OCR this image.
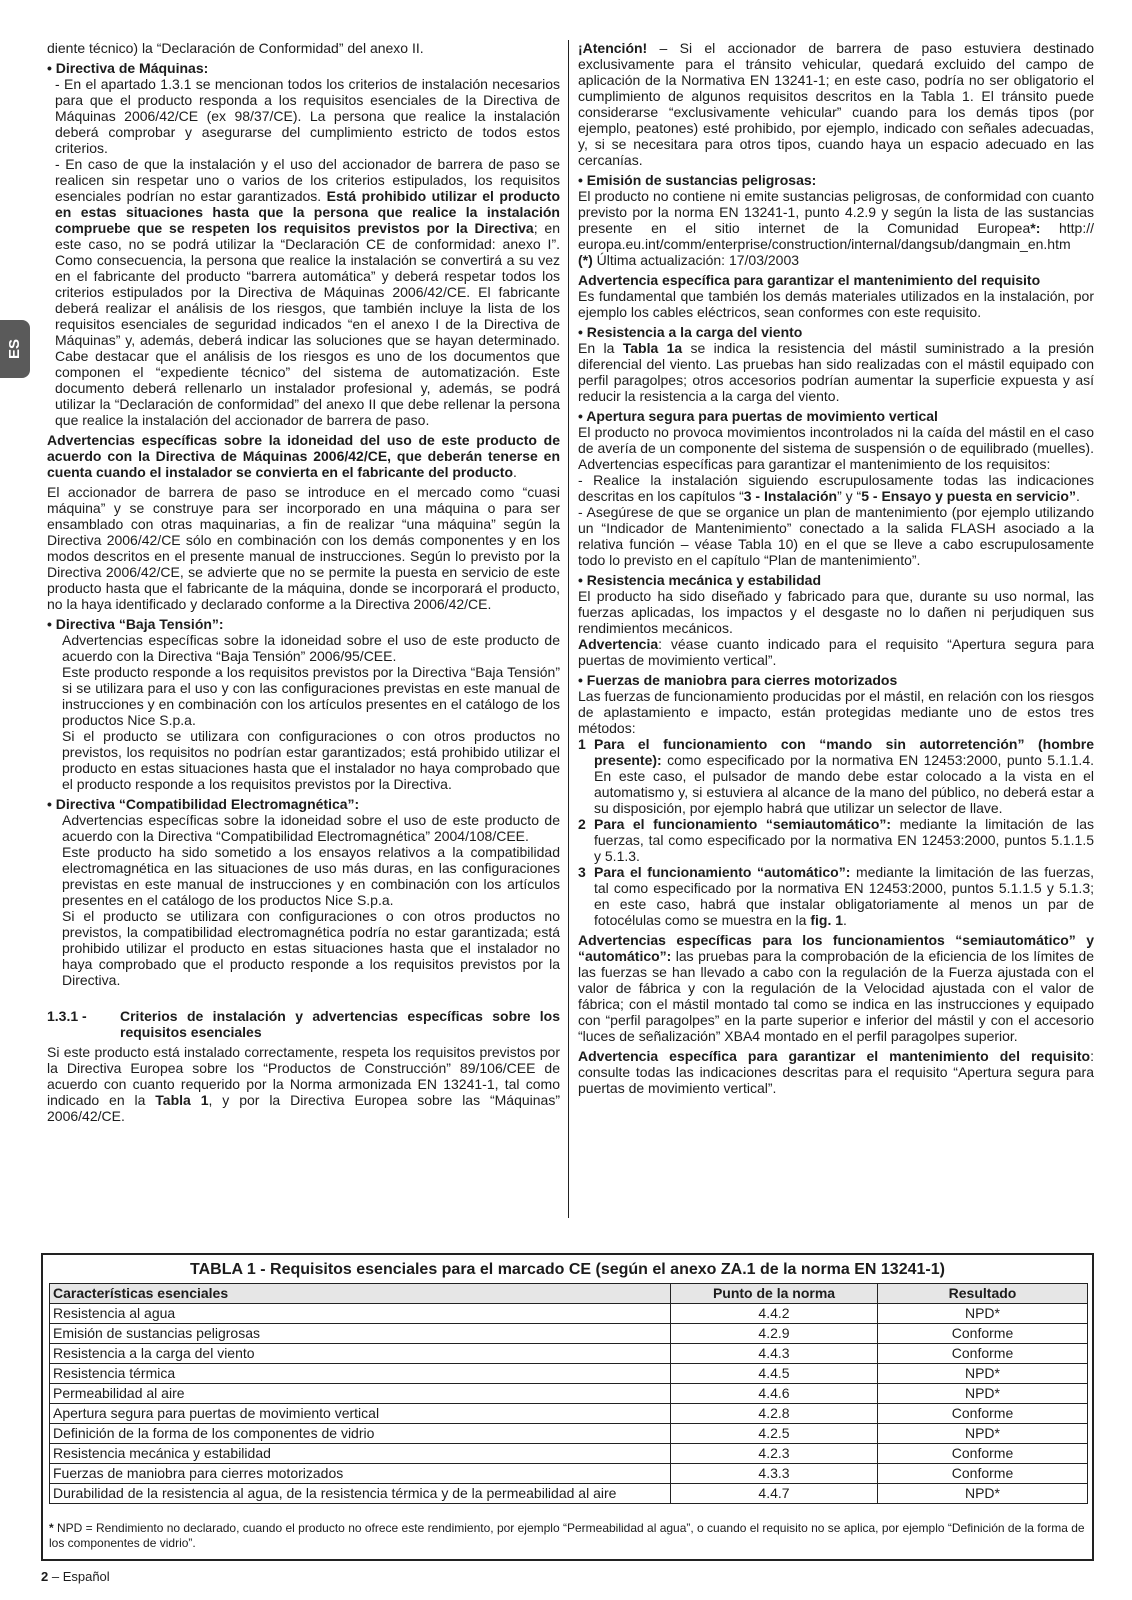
ES

diente técnico) la “Declaración de Conformidad” del anexo II.

• Directiva de Máquinas:

- En el apartado 1.3.1 se mencionan todos los criterios de instalación necesarios para que el producto responda a los requisitos esenciales de la Directiva de Máquinas 2006/42/CE (ex 98/37/CE). La persona que realice la instalación deberá comprobar y asegurarse del cumplimiento estricto de todos estos criterios.

- En caso de que la instalación y el uso del accionador de barrera de paso se realicen sin respetar uno o varios de los criterios estipulados, los requisitos esenciales podrían no estar garantizados. Está prohibido utilizar el producto en estas situaciones hasta que la persona que realice la instalación compruebe que se respeten los requisitos previstos por la Directiva; en este caso, no se podrá utilizar la “Declaración CE de conformidad: anexo I”. Como consecuencia, la persona que realice la instalación se convertirá a su vez en el fabricante del producto “barrera automática” y deberá respetar todos los criterios estipulados por la Directiva de Máquinas 2006/42/CE. El fabricante deberá realizar el análisis de los riesgos, que también incluye la lista de los requisitos esenciales de seguridad indicados “en el anexo I de la Directiva de Máquinas” y, además, deberá indicar las soluciones que se hayan determinado. Cabe destacar que el análisis de los riesgos es uno de los documentos que componen el “expediente técnico” del sistema de automatización. Este documento deberá rellenarlo un instalador profesional y, además, se podrá utilizar la “Declaración de conformidad” del anexo II que debe rellenar la persona que realice la instalación del accionador de barrera de paso.

Advertencias específicas sobre la idoneidad del uso de este producto de acuerdo con la Directiva de Máquinas 2006/42/CE, que deberán tenerse en cuenta cuando el instalador se convierta en el fabricante del producto.

El accionador de barrera de paso se introduce en el mercado como “cuasi máquina” y se construye para ser incorporado en una máquina o para ser ensamblado con otras maquinarias, a fin de realizar “una máquina” según la Directiva 2006/42/CE sólo en combinación con los demás componentes y en los modos descritos en el presente manual de instrucciones. Según lo previsto por la Directiva 2006/42/CE, se advierte que no se permite la puesta en servicio de este producto hasta que el fabricante de la máquina, donde se incorporará el producto, no la haya identificado y declarado conforme a la Directiva 2006/42/CE.

• Directiva “Baja Tensión”:

Advertencias específicas sobre la idoneidad sobre el uso de este producto de acuerdo con la Directiva “Baja Tensión” 2006/95/CEE.

Este producto responde a los requisitos previstos por la Directiva “Baja Tensión” si se utilizara para el uso y con las configuraciones previstas en este manual de instrucciones y en combinación con los artículos presentes en el catálogo de los productos Nice S.p.a.

Si el producto se utilizara con configuraciones o con otros productos no previstos, los requisitos no podrían estar garantizados; está prohibido utilizar el producto en estas situaciones hasta que el instalador no haya comprobado que el producto responde a los requisitos previstos por la Directiva.

• Directiva “Compatibilidad Electromagnética”:

Advertencias específicas sobre la idoneidad sobre el uso de este producto de acuerdo con la Directiva “Compatibilidad Electromagnética” 2004/108/CEE.

Este producto ha sido sometido a los ensayos relativos a la compatibilidad electromagnética en las situaciones de uso más duras, en las configuraciones previstas en este manual de instrucciones y en combinación con los artículos presentes en el catálogo de los productos Nice S.p.a.

Si el producto se utilizara con configuraciones o con otros productos no previstos, la compatibilidad electromagnética podría no estar garantizada; está prohibido utilizar el producto en estas situaciones hasta que el instalador no haya comprobado que el producto responde a los requisitos previstos por la Directiva.

1.3.1 -	Criterios de instalación y advertencias específicas sobre los requisitos esenciales

Si este producto está instalado correctamente, respeta los requisitos previstos por la Directiva Europea sobre los “Productos de Construcción” 89/106/CEE de acuerdo con cuanto requerido por la Norma armonizada EN 13241-1, tal como indicado en la Tabla 1, y por la Directiva Europea sobre las “Máquinas” 2006/42/CE.

¡Atención! – Si el accionador de barrera de paso estuviera destinado exclusivamente para el tránsito vehicular, quedará excluido del campo de aplicación de la Normativa EN 13241-1; en este caso, podría no ser obligatorio el cumplimiento de algunos requisitos descritos en la Tabla 1. El tránsito puede considerarse “exclusivamente vehicular” cuando para los demás tipos (por ejemplo, peatones) esté prohibido, por ejemplo, indicado con señales adecuadas, y, si se necesitara para otros tipos, cuando haya un espacio adecuado en las cercanías.

• Emisión de sustancias peligrosas:

El producto no contiene ni emite sustancias peligrosas, de conformidad con cuanto previsto por la norma EN 13241-1, punto 4.2.9 y según la lista de las sustancias presente en el sitio internet de la Comunidad Europea*: http:// europa.eu.int/comm/enterprise/construction/internal/dangsub/dangmain_en.htm

(*) Última actualización: 17/03/2003

Advertencia específica para garantizar el mantenimiento del requisito

Es fundamental que también los demás materiales utilizados en la instalación, por ejemplo los cables eléctricos, sean conformes con este requisito.

• Resistencia a la carga del viento

En la Tabla 1a se indica la resistencia del mástil suministrado a la presión diferencial del viento. Las pruebas han sido realizadas con el mástil equipado con perfil paragolpes; otros accesorios podrían aumentar la superficie expuesta y así reducir la resistencia a la carga del viento.

• Apertura segura para puertas de movimiento vertical

El producto no provoca movimientos incontrolados ni la caída del mástil en el caso de avería de un componente del sistema de suspensión o de equilibrado (muelles).

Advertencias específicas para garantizar el mantenimiento de los requisitos:

- Realice la instalación siguiendo escrupulosamente todas las indicaciones descritas en los capítulos “3 - Instalación” y “5 - Ensayo y puesta en servicio”.

- Asegúrese de que se organice un plan de mantenimiento (por ejemplo utilizando un “Indicador de Mantenimiento” conectado a la salida FLASH asociado a la relativa función – véase Tabla 10) en el que se lleve a cabo escrupulosamente todo lo previsto en el capítulo “Plan de mantenimiento”.

• Resistencia mecánica y estabilidad

El producto ha sido diseñado y fabricado para que, durante su uso normal, las fuerzas aplicadas, los impactos y el desgaste no lo dañen ni perjudiquen sus rendimientos mecánicos.

Advertencia: véase cuanto indicado para el requisito “Apertura segura para puertas de movimiento vertical”.

• Fuerzas de maniobra para cierres motorizados

Las fuerzas de funcionamiento producidas por el mástil, en relación con los riesgos de aplastamiento e impacto, están protegidas mediante uno de estos tres métodos:

1 Para el funcionamiento con “mando sin autorretención” (hombre presente): como especificado por la normativa EN 12453:2000, punto 5.1.1.4. En este caso, el pulsador de mando debe estar colocado a la vista en el automatismo y, si estuviera al alcance de la mano del público, no deberá estar a su disposición, por ejemplo habrá que utilizar un selector de llave.
2 Para el funcionamiento “semiautomático”: mediante la limitación de las fuerzas, tal como especificado por la normativa EN 12453:2000, puntos 5.1.1.5 y 5.1.3.
3 Para el funcionamiento “automático”: mediante la limitación de las fuerzas, tal como especificado por la normativa EN 12453:2000, puntos 5.1.1.5 y 5.1.3; en este caso, habrá que instalar obligatoriamente al menos un par de fotocélulas como se muestra en la fig. 1.

Advertencias específicas para los funcionamientos “semiautomático” y “automático”: las pruebas para la comprobación de la eficiencia de los límites de las fuerzas se han llevado a cabo con la regulación de la Fuerza ajustada con el valor de fábrica y con la regulación de la Velocidad ajustada con el valor de fábrica; con el mástil montado tal como se indica en las instrucciones y equipado con “perfil paragolpes” en la parte superior e inferior del mástil y con el accesorio “luces de señalización” XBA4 montado en el perfil paragolpes superior.

Advertencia específica para garantizar el mantenimiento del requisito: consulte todas las indicaciones descritas para el requisito “Apertura segura para puertas de movimiento vertical”.

TABLA 1 - Requisitos esenciales para el marcado CE (según el anexo ZA.1 de la norma EN 13241-1)
Características esenciales	Punto de la norma	Resultado
Resistencia al agua	4.4.2	NPD*
Emisión de sustancias peligrosas	4.2.9	Conforme
Resistencia a la carga del viento	4.4.3	Conforme
Resistencia térmica	4.4.5	NPD*
Permeabilidad al aire	4.4.6	NPD*
Apertura segura para puertas de movimiento vertical	4.2.8	Conforme
Definición de la forma de los componentes de vidrio	4.2.5	NPD*
Resistencia mecánica y estabilidad	4.2.3	Conforme
Fuerzas de maniobra para cierres motorizados	4.3.3	Conforme
Durabilidad de la resistencia al agua, de la resistencia térmica y de la permeabilidad al aire	4.4.7	NPD*
* NPD = Rendimiento no declarado, cuando el producto no ofrece este rendimiento, por ejemplo “Permeabilidad al agua”, o cuando el requisito no se aplica, por ejemplo “Definición de la forma de los componentes de vidrio”.
2 – Español
